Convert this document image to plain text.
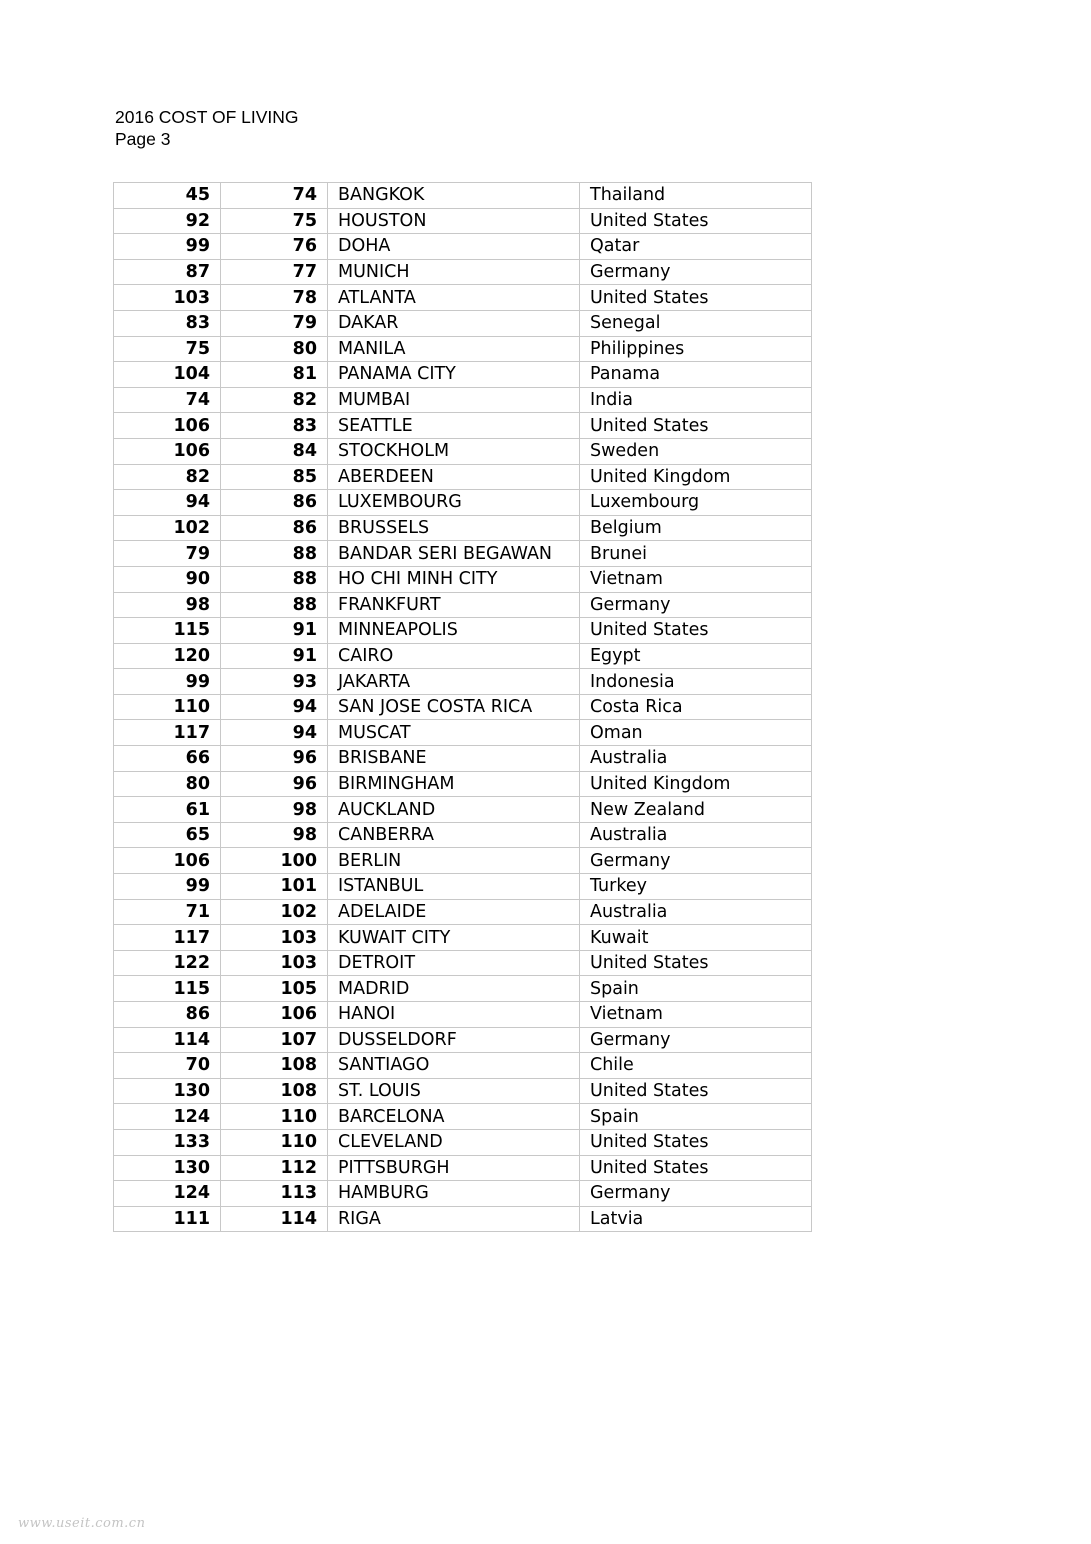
2016 COST OF LIVING
Page 3
45	74	BANGKOK	Thailand
92	75	HOUSTON	United States
99	76	DOHA	Qatar
87	77	MUNICH	Germany
103	78	ATLANTA	United States
83	79	DAKAR	Senegal
75	80	MANILA	Philippines
104	81	PANAMA CITY	Panama
74	82	MUMBAI	India
106	83	SEATTLE	United States
106	84	STOCKHOLM	Sweden
82	85	ABERDEEN	United Kingdom
94	86	LUXEMBOURG	Luxembourg
102	86	BRUSSELS	Belgium
79	88	BANDAR SERI BEGAWAN	Brunei
90	88	HO CHI MINH CITY	Vietnam
98	88	FRANKFURT	Germany
115	91	MINNEAPOLIS	United States
120	91	CAIRO	Egypt
99	93	JAKARTA	Indonesia
110	94	SAN JOSE COSTA RICA	Costa Rica
117	94	MUSCAT	Oman
66	96	BRISBANE	Australia
80	96	BIRMINGHAM	United Kingdom
61	98	AUCKLAND	New Zealand
65	98	CANBERRA	Australia
106	100	BERLIN	Germany
99	101	ISTANBUL	Turkey
71	102	ADELAIDE	Australia
117	103	KUWAIT CITY	Kuwait
122	103	DETROIT	United States
115	105	MADRID	Spain
86	106	HANOI	Vietnam
114	107	DUSSELDORF	Germany
70	108	SANTIAGO	Chile
130	108	ST. LOUIS	United States
124	110	BARCELONA	Spain
133	110	CLEVELAND	United States
130	112	PITTSBURGH	United States
124	113	HAMBURG	Germany
111	114	RIGA	Latvia
www.useit.com.cn
